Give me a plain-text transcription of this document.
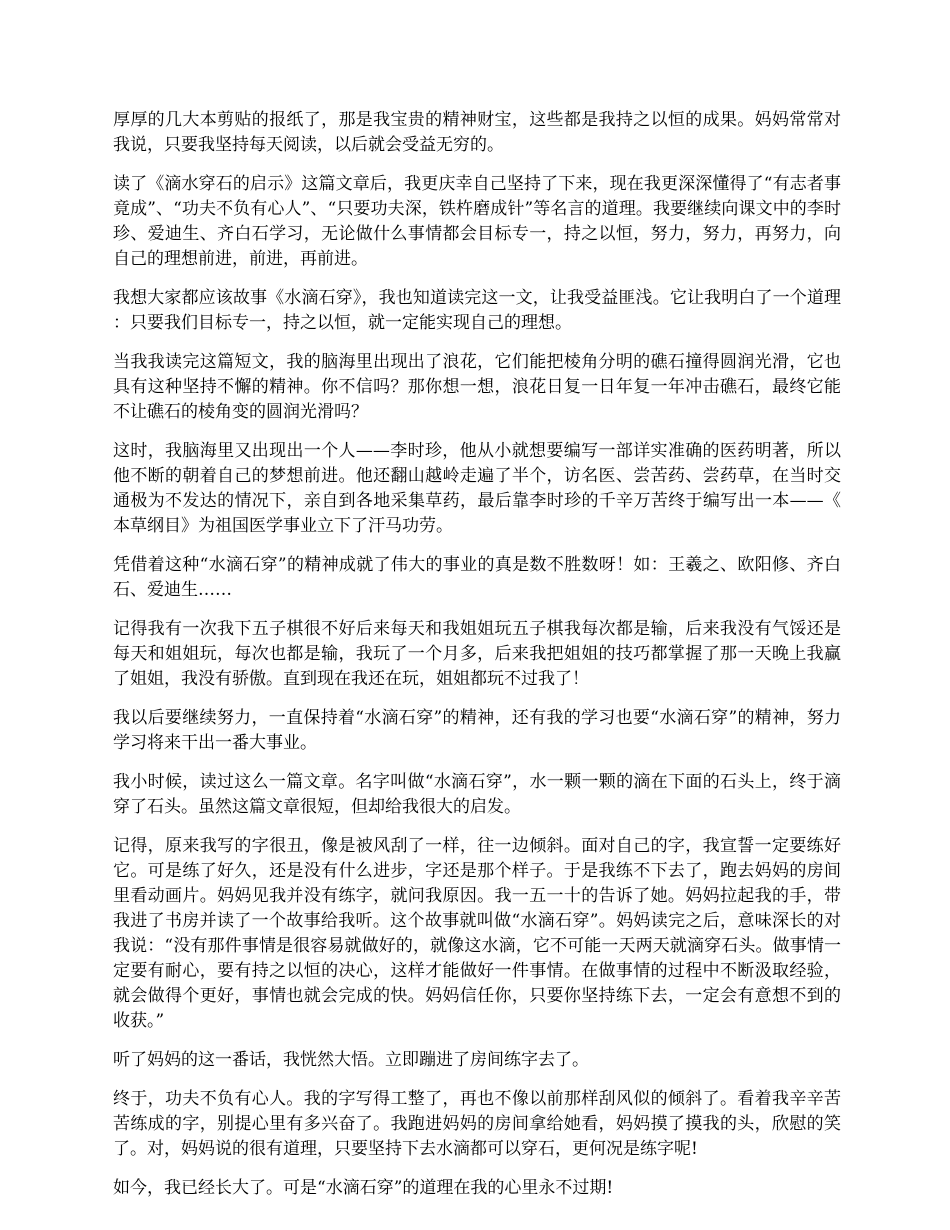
厚厚的几大本剪贴的报纸了，那是我宝贵的精神财宝，这些都是我持之以恒的成果。妈妈常常对我说，只要我坚持每天阅读，以后就会受益无穷的。

读了《滴水穿石的启示》这篇文章后，我更庆幸自己坚持了下来，现在我更深深懂得了“有志者事竟成”、“功夫不负有心人”、“只要功夫深，铁杵磨成针”等名言的道理。我要继续向课文中的李时珍、爱迪生、齐白石学习，无论做什么事情都会目标专一，持之以恒，努力，努力，再努力，向自己的理想前进，前进，再前进。

我想大家都应该故事《水滴石穿》，我也知道读完这一文，让我受益匪浅。它让我明白了一个道理：只要我们目标专一，持之以恒，就一定能实现自己的理想。

当我我读完这篇短文，我的脑海里出现出了浪花，它们能把棱角分明的礁石撞得圆润光滑，它也具有这种坚持不懈的精神。你不信吗？那你想一想，浪花日复一日年复一年冲击礁石，最终它能不让礁石的棱角变的圆润光滑吗？

这时，我脑海里又出现出一个人——李时珍，他从小就想要编写一部详实准确的医药明著，所以他不断的朝着自己的梦想前进。他还翻山越岭走遍了半个，访名医、尝苦药、尝药草，在当时交通极为不发达的情况下，亲自到各地采集草药，最后靠李时珍的千辛万苦终于编写出一本——《本草纲目》为祖国医学事业立下了汗马功劳。

凭借着这种“水滴石穿”的精神成就了伟大的事业的真是数不胜数呀！如：王羲之、欧阳修、齐白石、爱迪生……

记得我有一次我下五子棋很不好后来每天和我姐姐玩五子棋我每次都是输，后来我没有气馁还是每天和姐姐玩，每次也都是输，我玩了一个月多，后来我把姐姐的技巧都掌握了那一天晚上我赢了姐姐，我没有骄傲。直到现在我还在玩，姐姐都玩不过我了！

我以后要继续努力，一直保持着“水滴石穿”的精神，还有我的学习也要“水滴石穿”的精神，努力学习将来干出一番大事业。

我小时候，读过这么一篇文章。名字叫做“水滴石穿”，水一颗一颗的滴在下面的石头上，终于滴穿了石头。虽然这篇文章很短，但却给我很大的启发。

记得，原来我写的字很丑，像是被风刮了一样，往一边倾斜。面对自己的字，我宣誓一定要练好它。可是练了好久，还是没有什么进步，字还是那个样子。于是我练不下去了，跑去妈妈的房间里看动画片。妈妈见我并没有练字，就问我原因。我一五一十的告诉了她。妈妈拉起我的手，带我进了书房并读了一个故事给我听。这个故事就叫做“水滴石穿”。妈妈读完之后，意味深长的对我说：“没有那件事情是很容易就做好的，就像这水滴，它不可能一天两天就滴穿石头。做事情一定要有耐心，要有持之以恒的决心，这样才能做好一件事情。在做事情的过程中不断汲取经验，就会做得个更好，事情也就会完成的快。妈妈信任你，只要你坚持练下去，一定会有意想不到的收获。”

听了妈妈的这一番话，我恍然大悟。立即蹦进了房间练字去了。

终于，功夫不负有心人。我的字写得工整了，再也不像以前那样刮风似的倾斜了。看着我辛辛苦苦练成的字，别提心里有多兴奋了。我跑进妈妈的房间拿给她看，妈妈摸了摸我的头，欣慰的笑了。对，妈妈说的很有道理，只要坚持下去水滴都可以穿石，更何况是练字呢!

如今，我已经长大了。可是“水滴石穿”的道理在我的心里永不过期!
